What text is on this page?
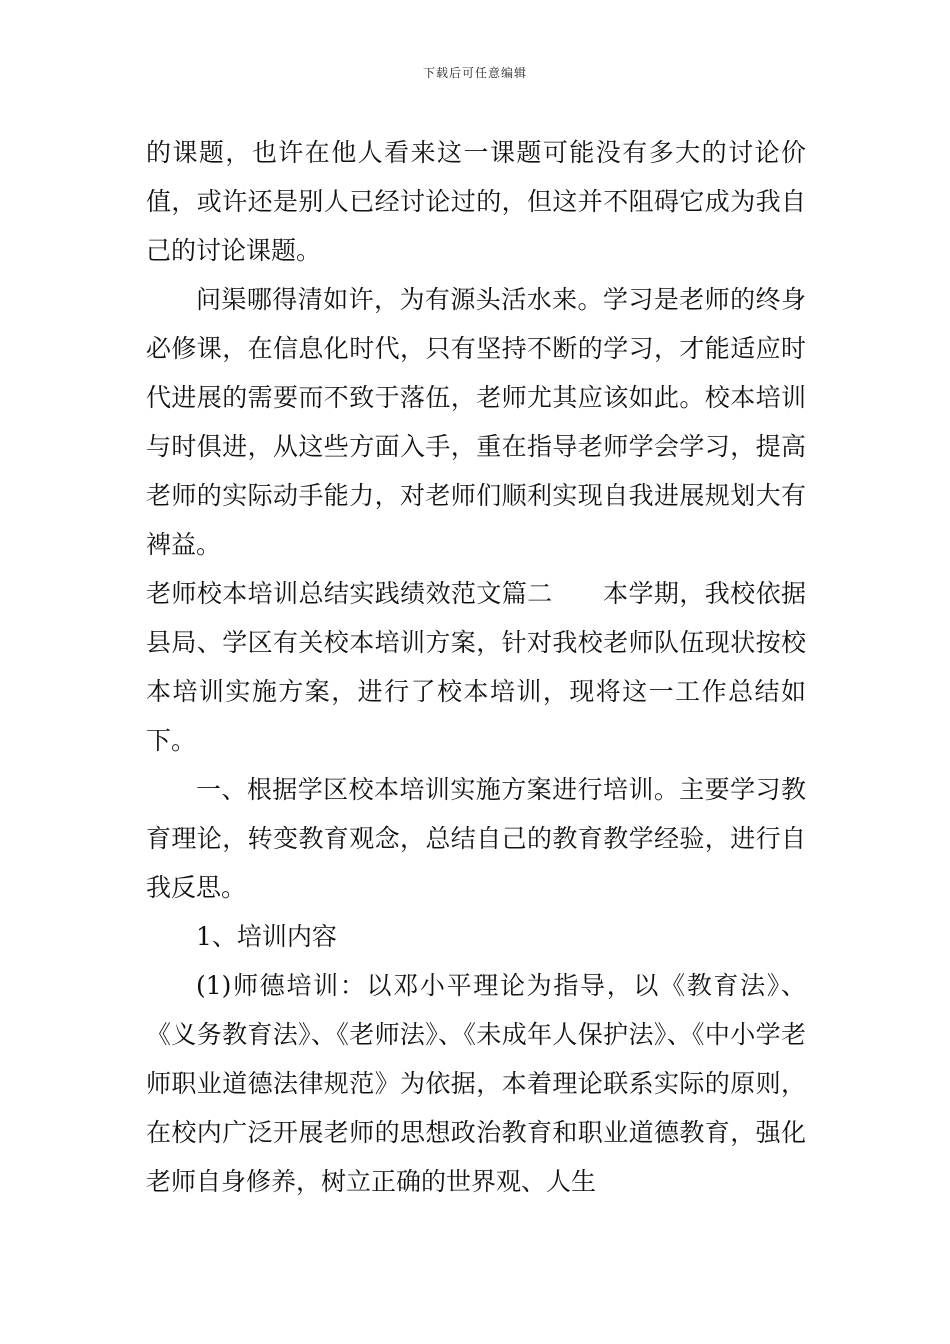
下载后可任意编辑

的课题，也许在他人看来这一课题可能没有多大的讨论价值，或许还是别人已经讨论过的，但这并不阻碍它成为我自己的讨论课题。

问渠哪得清如许，为有源头活水来。学习是老师的终身必修课，在信息化时代，只有坚持不断的学习，才能适应时代进展的需要而不致于落伍，老师尤其应该如此。校本培训与时俱进，从这些方面入手，重在指导老师学会学习，提高老师的实际动手能力，对老师们顺利实现自我进展规划大有裨益。

老师校本培训总结实践绩效范文篇二 本学期，我校依据县局、学区有关校本培训方案，针对我校老师队伍现状按校本培训实施方案，进行了校本培训，现将这一工作总结如下。

一、根据学区校本培训实施方案进行培训。主要学习教育理论，转变教育观念，总结自己的教育教学经验，进行自我反思。

1、培训内容

(1)师德培训：以邓小平理论为指导，以《教育法》、《义务教育法》、《老师法》、《未成年人保护法》、《中小学老师职业道德法律规范》为依据，本着理论联系实际的原则，在校内广泛开展老师的思想政治教育和职业道德教育，强化老师自身修养，树立正确的世界观、人生
